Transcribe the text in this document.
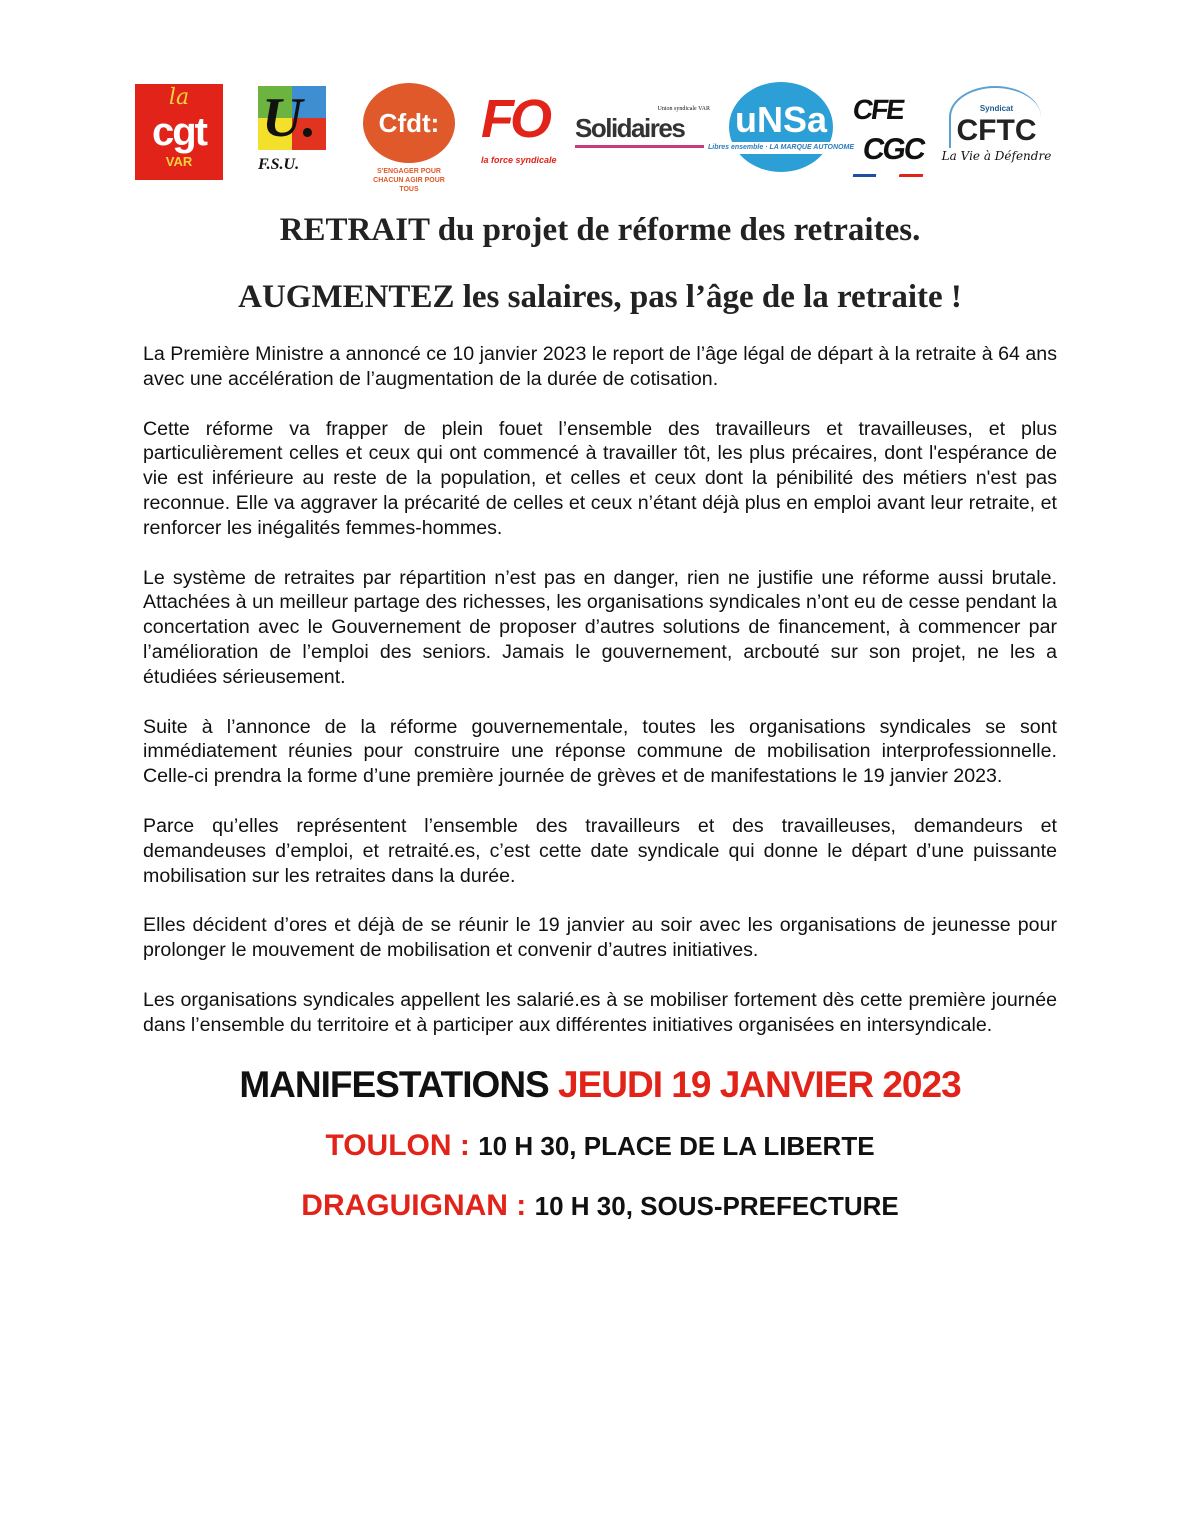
la
cgt
VAR
U.
F.S.U.
Cfdt:
S'ENGAGER POUR CHACUN AGIR POUR TOUS
FO
la force syndicale
Union syndicale VAR
Solidaires	uNSa
Libres ensemble · LA MARQUE AUTONOME
CFE
CGC
Syndicat
CFTC
La Vie à Défendre
RETRAIT du projet de réforme des retraites.
AUGMENTEZ les salaires, pas l’âge de la retraite !

La Première Ministre a annoncé ce 10 janvier 2023 le report de l’âge légal de départ à la retraite à 64 ans avec une accélération de l’augmentation de la durée de cotisation.

Cette réforme va frapper de plein fouet l’ensemble des travailleurs et travailleuses, et plus particulièrement celles et ceux qui ont commencé à travailler tôt, les plus précaires, dont l'espérance de vie est inférieure au reste de la population, et celles et ceux dont la pénibilité des métiers n'est pas reconnue. Elle va aggraver la précarité de celles et ceux n’étant déjà plus en emploi avant leur retraite, et renforcer les inégalités femmes-hommes.

Le système de retraites par répartition n’est pas en danger, rien ne justifie une réforme aussi brutale. Attachées à un meilleur partage des richesses, les organisations syndicales n’ont eu de cesse pendant la concertation avec le Gouvernement de proposer d’autres solutions de financement, à commencer par l’amélioration de l’emploi des seniors. Jamais le gouvernement, arcbouté sur son projet, ne les a étudiées sérieusement.

Suite à l’annonce de la réforme gouvernementale, toutes les organisations syndicales se sont immédiatement réunies pour construire une réponse commune de mobilisation interprofessionnelle. Celle-ci prendra la forme d’une première journée de grèves et de manifestations le 19 janvier 2023.

Parce qu’elles représentent l’ensemble des travailleurs et des travailleuses, demandeurs et demandeuses d’emploi, et retraité.es, c’est cette date syndicale qui donne le départ d’une puissante mobilisation sur les retraites dans la durée.

Elles décident d’ores et déjà de se réunir le 19 janvier au soir avec les organisations de jeunesse pour prolonger le mouvement de mobilisation et convenir d’autres initiatives.

Les organisations syndicales appellent les salarié.es à se mobiliser fortement dès cette première journée dans l’ensemble du territoire et à participer aux différentes initiatives organisées en intersyndicale.

MANIFESTATIONS JEUDI 19 JANVIER 2023
TOULON : 10 H 30, PLACE DE LA LIBERTE
DRAGUIGNAN : 10 H 30, SOUS-PREFECTURE
